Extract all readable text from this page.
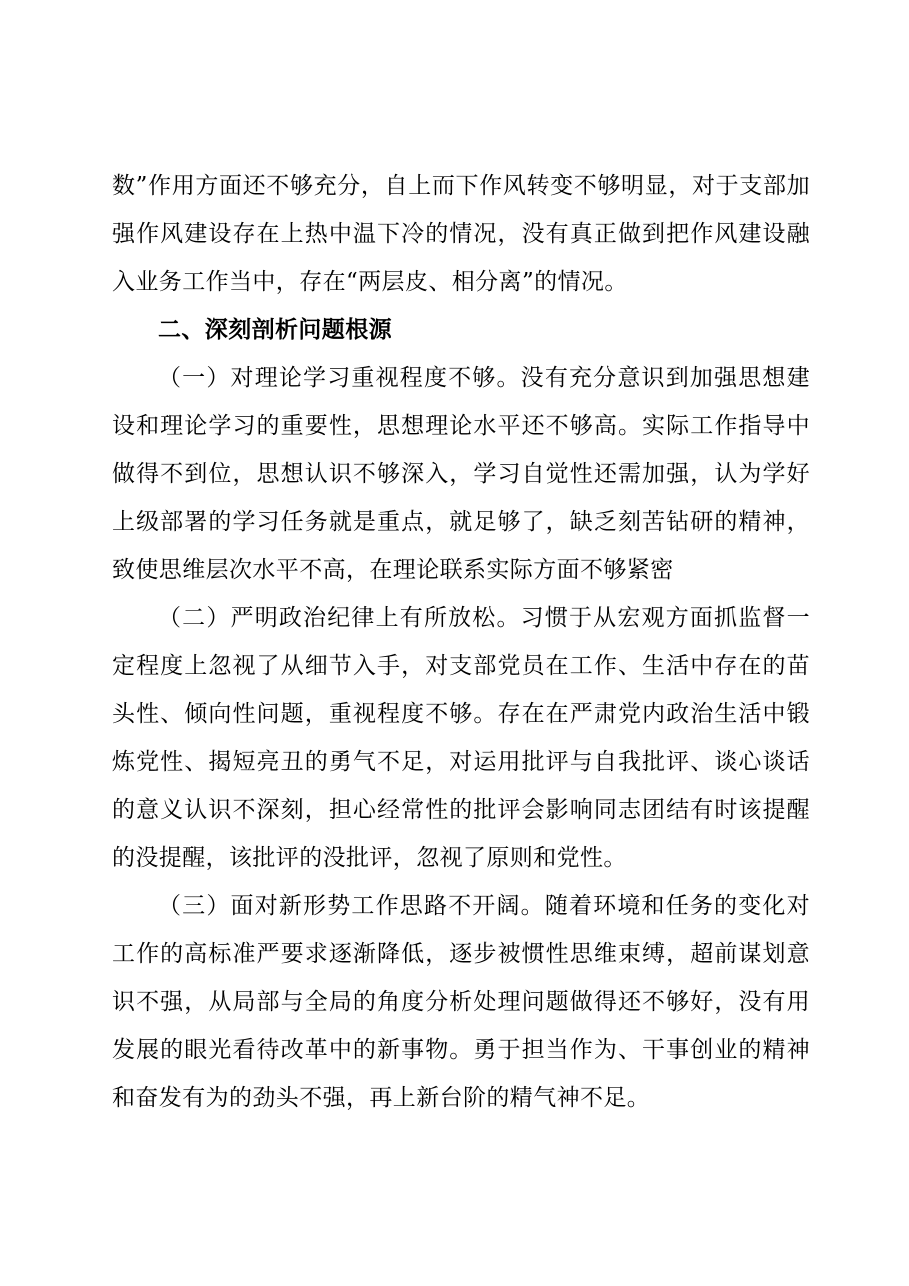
数”作用方面还不够充分，自上而下作风转变不够明显，对于支部加强作风建设存在上热中温下冷的情况，没有真正做到把作风建设融入业务工作当中，存在“两层皮、相分离”的情况。

二、深刻剖析问题根源

（一）对理论学习重视程度不够。没有充分意识到加强思想建设和理论学习的重要性，思想理论水平还不够高。实际工作指导中做得不到位，思想认识不够深入，学习自觉性还需加强，认为学好上级部署的学习任务就是重点，就足够了，缺乏刻苦钻研的精神，致使思维层次水平不高，在理论联系实际方面不够紧密

（二）严明政治纪律上有所放松。习惯于从宏观方面抓监督一定程度上忽视了从细节入手，对支部党员在工作、生活中存在的苗头性、倾向性问题，重视程度不够。存在在严肃党内政治生活中锻炼党性、揭短亮丑的勇气不足，对运用批评与自我批评、谈心谈话的意义认识不深刻，担心经常性的批评会影响同志团结有时该提醒的没提醒，该批评的没批评，忽视了原则和党性。

（三）面对新形势工作思路不开阔。随着环境和任务的变化对工作的高标准严要求逐渐降低，逐步被惯性思维束缚，超前谋划意识不强，从局部与全局的角度分析处理问题做得还不够好，没有用发展的眼光看待改革中的新事物。勇于担当作为、干事创业的精神和奋发有为的劲头不强，再上新台阶的精气神不足。
